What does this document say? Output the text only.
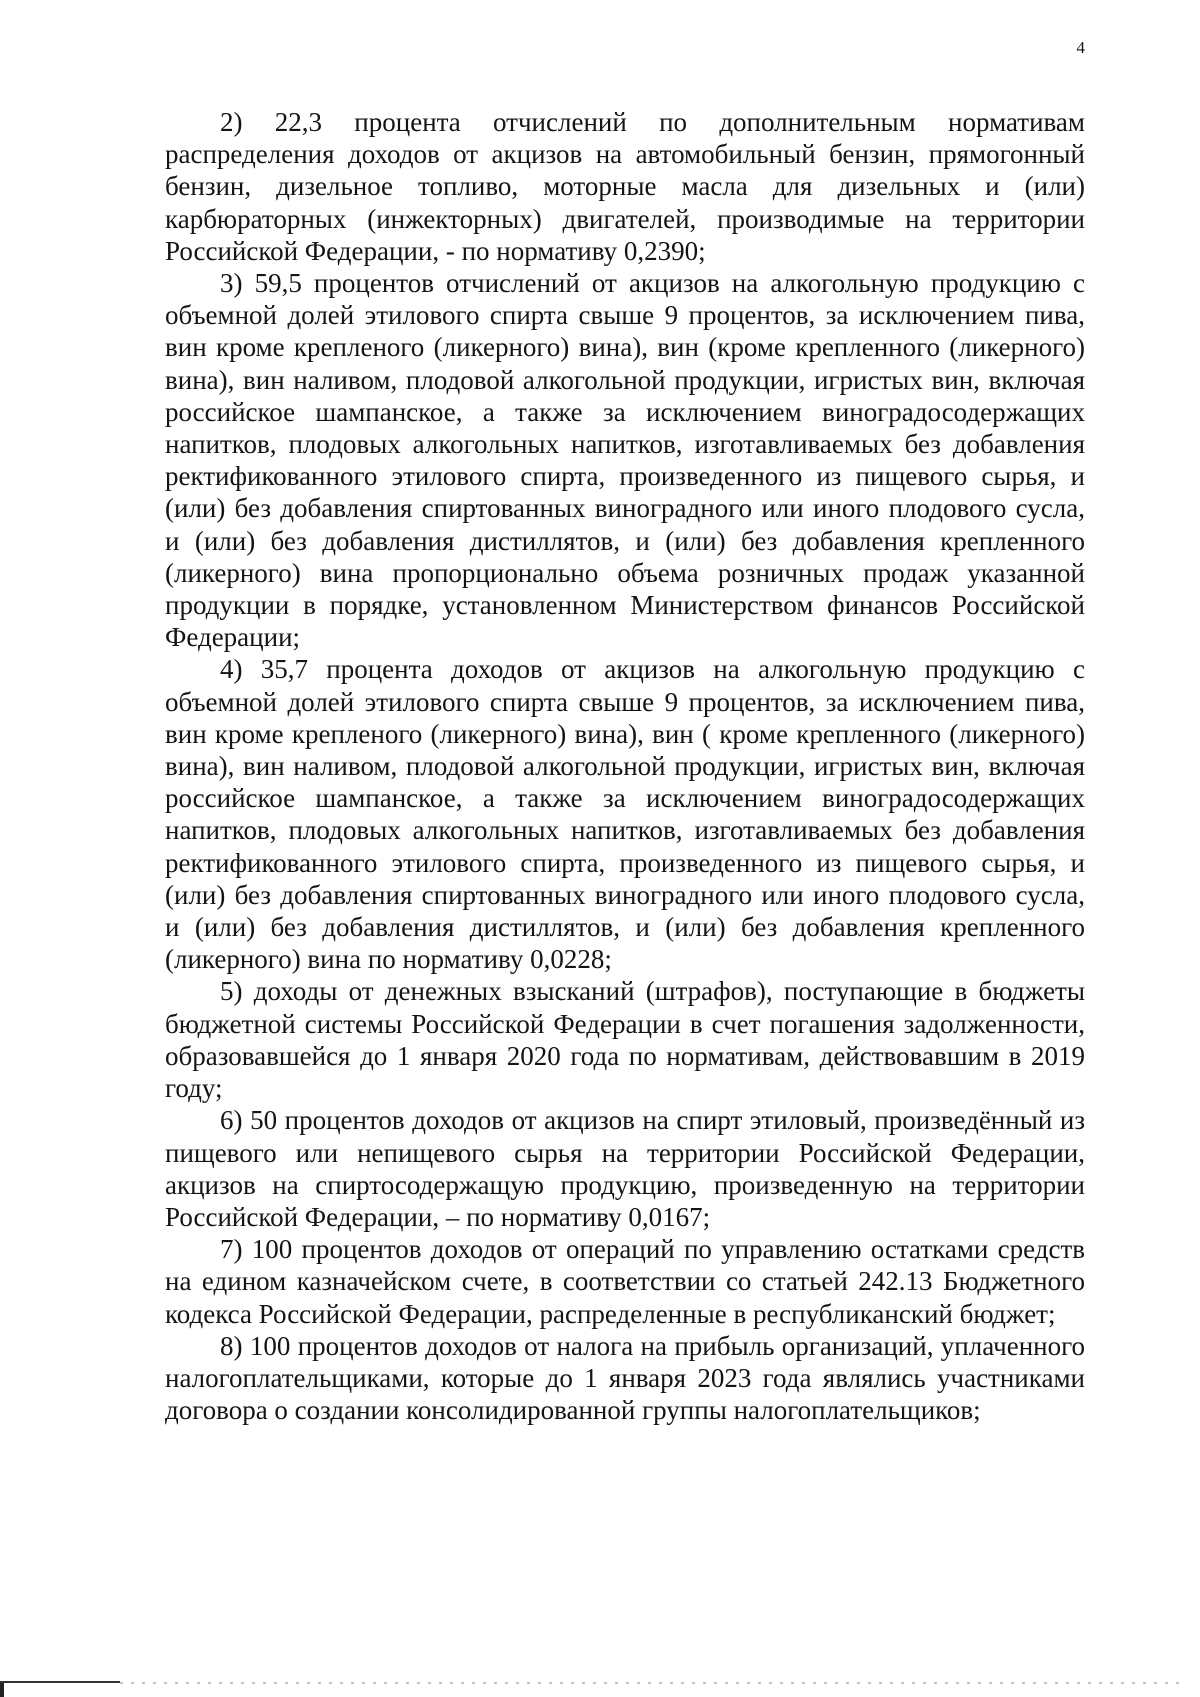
4

2) 22,3 процента отчислений по дополнительным нормативам распределения доходов от акцизов на автомобильный бензин, прямогонный бензин, дизельное топливо, моторные масла для дизельных и (или) карбюраторных (инжекторных) двигателей, производимые на территории Российской Федерации, - по нормативу 0,2390;

3) 59,5 процентов отчислений от акцизов на алкогольную продукцию с объемной долей этилового спирта свыше 9 процентов, за исключением пива, вин кроме крепленого (ликерного) вина), вин (кроме крепленного (ликерного) вина), вин наливом, плодовой алкогольной продукции, игристых вин, включая российское шампанское, а также за исключением виноградосодержащих напитков, плодовых алкогольных напитков, изготавливаемых без добавления ректификованного этилового спирта, произведенного из пищевого сырья, и (или) без добавления спиртованных виноградного или иного плодового сусла, и (или) без добавления дистиллятов, и (или) без добавления крепленного (ликерного) вина пропорционально объема розничных продаж указанной продукции в порядке, установленном Министерством финансов Российской Федерации;

4) 35,7 процента доходов от акцизов на алкогольную продукцию с объемной долей этилового спирта свыше 9 процентов, за исключением пива, вин кроме крепленого (ликерного) вина), вин ( кроме крепленного (ликерного) вина), вин наливом, плодовой алкогольной продукции, игристых вин, включая российское шампанское, а также за исключением виноградосодержащих напитков, плодовых алкогольных напитков, изготавливаемых без добавления ректификованного этилового спирта, произведенного из пищевого сырья, и (или) без добавления спиртованных виноградного или иного плодового сусла, и (или) без добавления дистиллятов, и (или) без добавления крепленного (ликерного) вина по нормативу 0,0228;

5) доходы от денежных взысканий (штрафов), поступающие в бюджеты бюджетной системы Российской Федерации в счет погашения задолженности, образовавшейся до 1 января 2020 года по нормативам, действовавшим в 2019 году;

6) 50 процентов доходов от акцизов на спирт этиловый, произведённый из пищевого или непищевого сырья на территории Российской Федерации, акцизов на спиртосодержащую продукцию, произведенную на территории Российской Федерации, – по нормативу 0,0167;

7) 100 процентов доходов от операций по управлению остатками средств на едином казначейском счете, в соответствии со статьей 242.13 Бюджетного кодекса Российской Федерации, распределенные в республиканский бюджет;

8) 100 процентов доходов от налога на прибыль организаций, уплаченного налогоплательщиками, которые до 1 января 2023 года являлись участниками договора о создании консолидированной группы налогоплательщиков;
